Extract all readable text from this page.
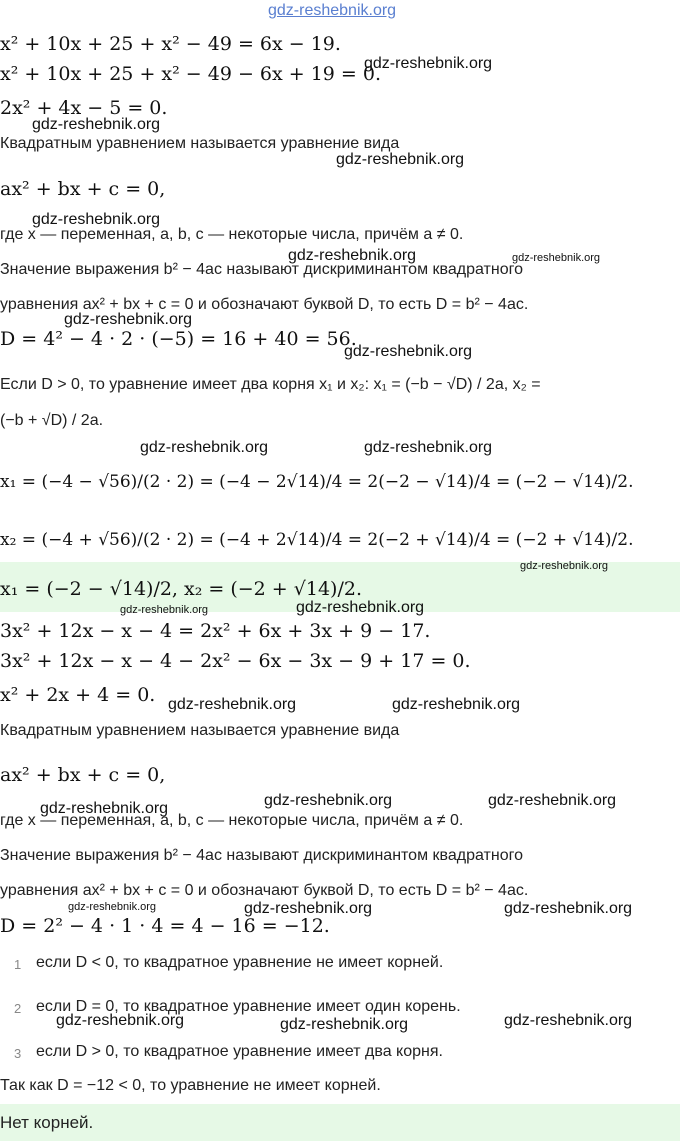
gdz-reshebnik.org
x² + 10x + 25 + x² − 49 = 6x − 19.
x² + 10x + 25 + x² − 49 − 6x + 19 = 0.
2x² + 4x − 5 = 0.
Квадратным уравнением называется уравнение вида
ax² + bx + c = 0,
где x — переменная, a, b, c — некоторые числа, причём a ≠ 0.
Значение выражения b² − 4ac называют дискриминантом квадратного
уравнения ax² + bx + c = 0 и обозначают буквой D, то есть D = b² − 4ac.
D = 4² − 4 · 2 · (−5) = 16 + 40 = 56.
Если D > 0, то уравнение имеет два корня x₁ и x₂: x₁ = (−b − √D) / 2a, x₂ =
(−b + √D) / 2a.
x₁ = (−4 − √56)/(2 · 2) = (−4 − 2√14)/4 = 2(−2 − √14)/4 = (−2 − √14)/2.
x₂ = (−4 + √56)/(2 · 2) = (−4 + 2√14)/4 = 2(−2 + √14)/4 = (−2 + √14)/2.
x₁ = (−2 − √14)/2, x₂ = (−2 + √14)/2.
3x² + 12x − x − 4 = 2x² + 6x + 3x + 9 − 17.
3x² + 12x − x − 4 − 2x² − 6x − 3x − 9 + 17 = 0.
x² + 2x + 4 = 0.
Квадратным уравнением называется уравнение вида
ax² + bx + c = 0,
где x — переменная, a, b, c — некоторые числа, причём a ≠ 0.
Значение выражения b² − 4ac называют дискриминантом квадратного
уравнения ax² + bx + c = 0 и обозначают буквой D, то есть D = b² − 4ac.
D = 2² − 4 · 1 · 4 = 4 − 16 = −12.
1 если D < 0, то квадратное уравнение не имеет корней.
2 если D = 0, то квадратное уравнение имеет один корень.
3 если D > 0, то квадратное уравнение имеет два корня.
Так как D = −12 < 0, то уравнение не имеет корней.
Нет корней.
gdz-reshebnik.org
gdz-reshebnik.org
gdz-reshebnik.org
gdz-reshebnik.org
gdz-reshebnik.org	gdz-reshebnik.org
gdz-reshebnik.org
gdz-reshebnik.org
gdz-reshebnik.org	gdz-reshebnik.org
gdz-reshebnik.org
gdz-reshebnik.org	gdz-reshebnik.org
gdz-reshebnik.org	gdz-reshebnik.org
gdz-reshebnik.org	gdz-reshebnik.org
gdz-reshebnik.org
gdz-reshebnik.org	gdz-reshebnik.org	gdz-reshebnik.org
gdz-reshebnik.org	gdz-reshebnik.org	gdz-reshebnik.org
